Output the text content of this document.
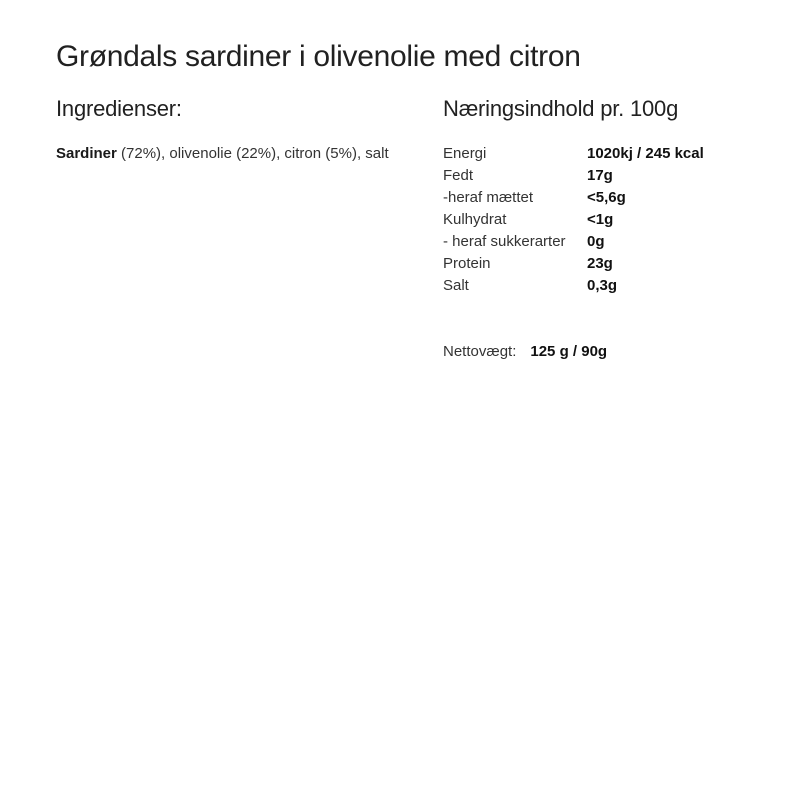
Grøndals sardiner i olivenolie med citron
Ingredienser:

Sardiner (72%), olivenolie (22%), citron (5%), salt

Næringsindhold pr. 100g
Energi	1020kj / 245 kcal
Fedt	17g
-heraf mættet	<5,6g
Kulhydrat	<1g
- heraf sukkerarter	0g
Protein	23g
Salt	0,3g
Nettovægt: 125 g / 90g
